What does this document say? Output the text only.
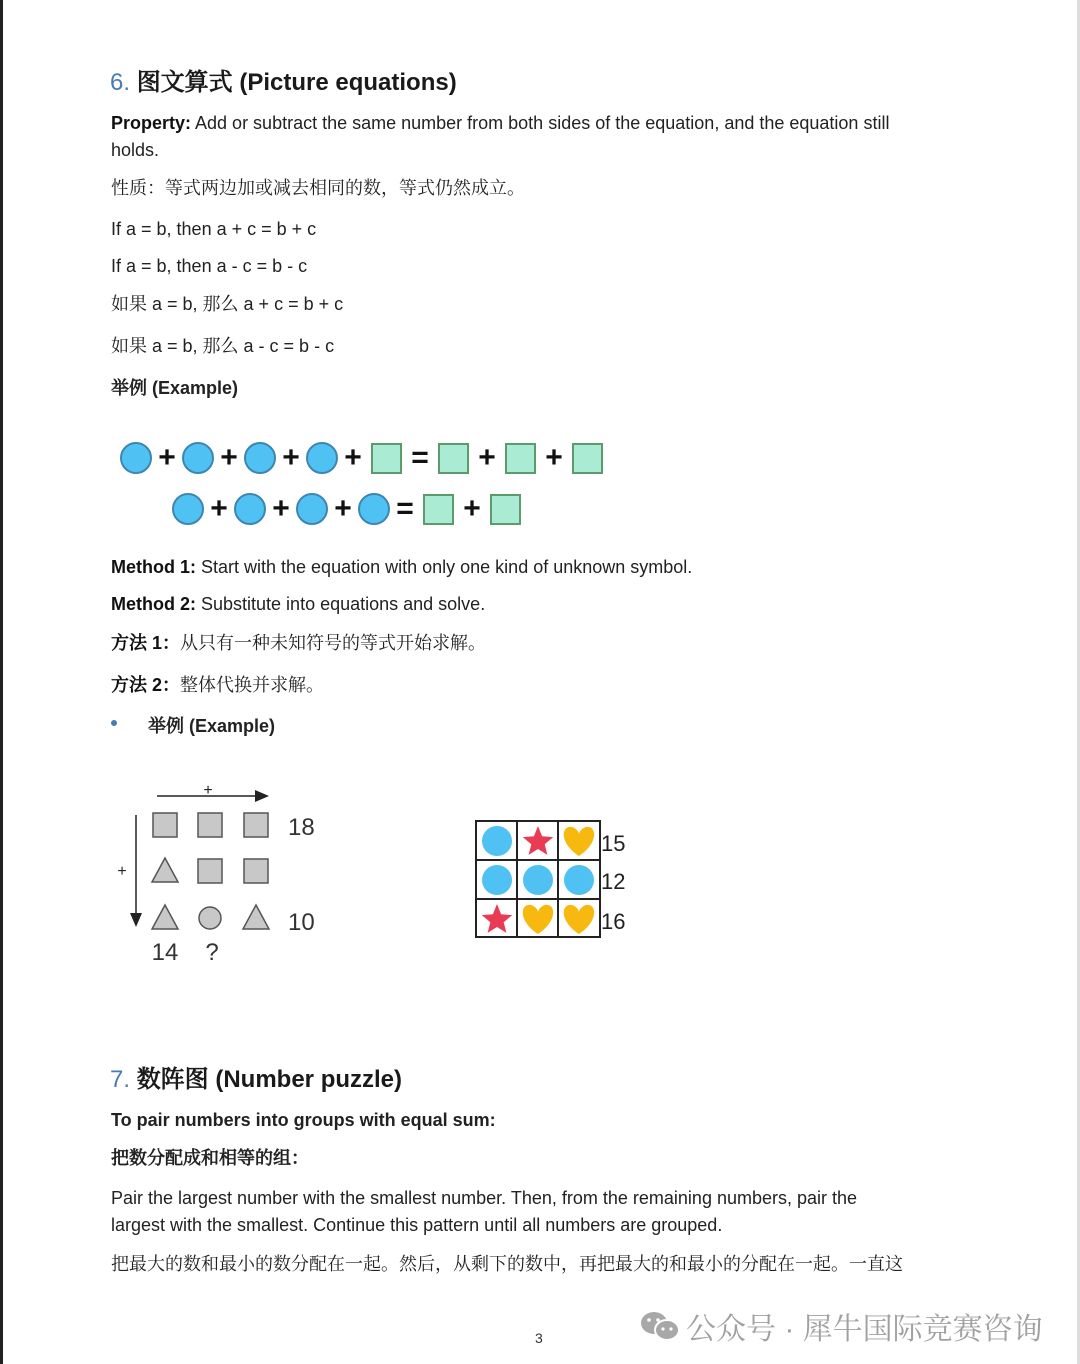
6. 图文算式 (Picture equations)
Property: Add or subtract the same number from both sides of the equation, and the equation still
holds.
性质：等式两边加或减去相同的数，等式仍然成立。
If a = b, then a + c = b + c
If a = b, then a - c = b - c
如果 a = b, 那么 a + c = b + c
如果 a = b, 那么 a - c = b - c
举例 (Example)
+ + + + = + +
+ + + = +
Method 1: Start with the equation with only one kind of unknown symbol.
Method 2: Substitute into equations and solve.
方法 1：从只有一种未知符号的等式开始求解。
方法 2：整体代换并求解。
举例 (Example)
+
+
18
10
14 ?
15
12
16
7. 数阵图 (Number puzzle)
To pair numbers into groups with equal sum:
把数分配成和相等的组：
Pair the largest number with the smallest number. Then, from the remaining numbers, pair the
largest with the smallest. Continue this pattern until all numbers are grouped.
把最大的数和最小的数分配在一起。然后，从剩下的数中，再把最大的和最小的分配在一起。一直这
3	公众号 · 犀牛国际竞赛咨询
